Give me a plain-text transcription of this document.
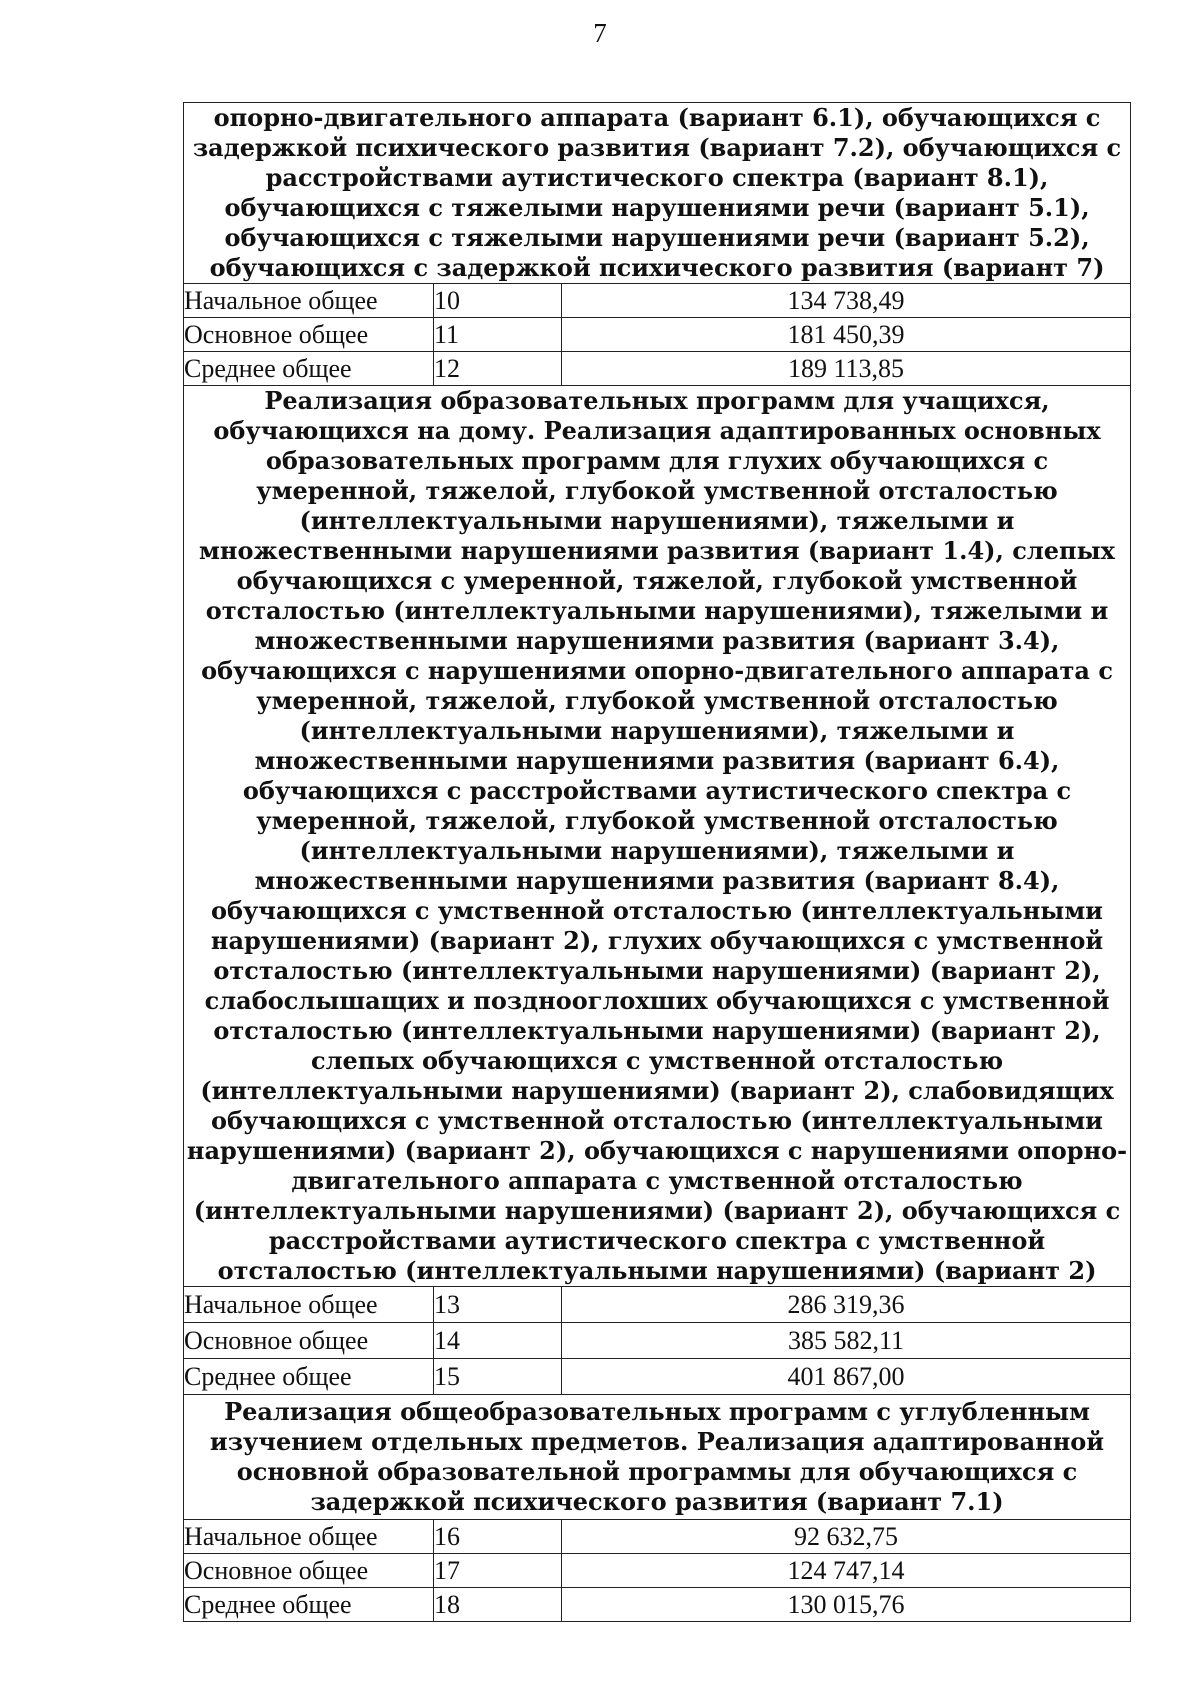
7
опорно-двигательного аппарата (вариант 6.1), обучающихся с задержкой психического развития (вариант 7.2), обучающихся с расстройствами аутистического спектра (вариант 8.1), обучающихся с тяжелыми нарушениями речи (вариант 5.1), обучающихся с тяжелыми нарушениями речи (вариант 5.2), обучающихся с задержкой психического развития (вариант 7)		
Начальное общее	10	134 738,49
Основное общее	11	181 450,39
Среднее общее	12	189 113,85
Реализация образовательных программ для учащихся, обучающихся на дому. Реализация адаптированных основных образовательных программ для глухих обучающихся с умеренной, тяжелой, глубокой умственной отсталостью (интеллектуальными нарушениями), тяжелыми и множественными нарушениями развития (вариант 1.4), слепых обучающихся с умеренной, тяжелой, глубокой умственной отсталостью (интеллектуальными нарушениями), тяжелыми и множественными нарушениями развития (вариант 3.4), обучающихся с нарушениями опорно-двигательного аппарата с умеренной, тяжелой, глубокой умственной отсталостью (интеллектуальными нарушениями), тяжелыми и множественными нарушениями развития (вариант 6.4), обучающихся с расстройствами аутистического спектра с умеренной, тяжелой, глубокой умственной отсталостью (интеллектуальными нарушениями), тяжелыми и множественными нарушениями развития (вариант 8.4), обучающихся с умственной отсталостью (интеллектуальными нарушениями) (вариант 2), глухих обучающихся с умственной отсталостью (интеллектуальными нарушениями) (вариант 2), слабослышащих и позднооглохших обучающихся с умственной отсталостью (интеллектуальными нарушениями) (вариант 2), слепых обучающихся с умственной отсталостью (интеллектуальными нарушениями) (вариант 2), слабовидящих обучающихся с умственной отсталостью (интеллектуальными нарушениями) (вариант 2), обучающихся с нарушениями опорно-двигательного аппарата с умственной отсталостью (интеллектуальными нарушениями) (вариант 2), обучающихся с расстройствами аутистического спектра с умственной отсталостью (интеллектуальными нарушениями) (вариант 2)		
Начальное общее	13	286 319,36
Основное общее	14	385 582,11
Среднее общее	15	401 867,00
Реализация общеобразовательных программ с углубленным изучением отдельных предметов. Реализация адаптированной основной образовательной программы для обучающихся с задержкой психического развития (вариант 7.1)		
Начальное общее	16	92 632,75
Основное общее	17	124 747,14
Среднее общее	18	130 015,76
